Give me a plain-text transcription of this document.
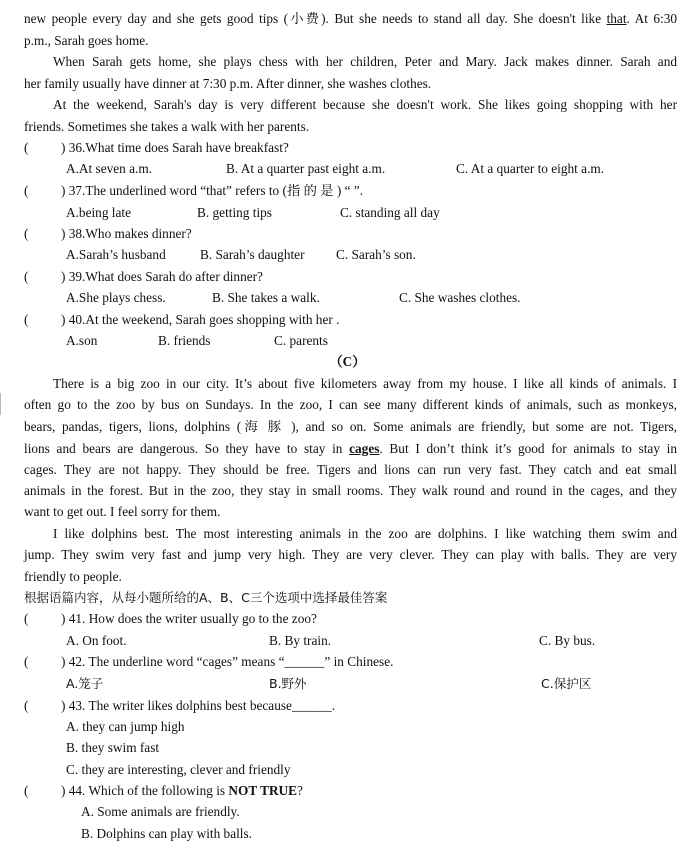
new people every day and she gets good tips (小费). But she needs to stand all day. She doesn't like that. At 6:30
p.m., Sarah goes home.
When Sarah gets home, she plays chess with her children, Peter and Mary. Jack makes dinner. Sarah and
her family usually have dinner at 7:30 p.m. After dinner, she washes clothes.
At the weekend, Sarah's day is very different because she doesn't work. She likes going shopping with her
friends. Sometimes she takes a walk with her parents.
( ) 36.What time does Sarah have breakfast?
A.At seven a.m.	B. At a quarter past eight a.m.	C. At a quarter to eight a.m.
( ) 37.The underlined word “that” refers to (指 的 是 ) “ ”.
A.being late	B. getting tips	C. standing all day
( ) 38.Who makes dinner?
A.Sarah’s husband	B. Sarah’s daughter C. Sarah’s son.
( ) 39.What does Sarah do after dinner?
A.She plays chess.	B. She takes a walk.	C. She washes clothes.
( ) 40.At the weekend, Sarah goes shopping with her .
A.son	B. friends	C. parents
（C）
There is a big zoo in our city. It’s about five kilometers away from my house. I like all kinds of animals. I
often go to the zoo by bus on Sundays. In the zoo, I can see many different kinds of animals, such as monkeys,
bears, pandas, tigers, lions, dolphins (海 豚 ), and so on. Some animals are friendly, but some are not. Tigers,
lions and bears are dangerous. So they have to stay in cages. But I don’t think it’s good for animals to stay in
cages. They are not happy. They should be free. Tigers and lions can run very fast. They catch and eat small
animals in the forest. But in the zoo, they stay in small rooms. They walk round and round in the cages, and they
want to get out. I feel sorry for them.
I like dolphins best. The most interesting animals in the zoo are dolphins. I like watching them swim and
jump. They swim very fast and jump very high. They are very clever. They can play with balls. They are very
friendly to people.
根据语篇内容，从每小题所给的A、B、C三个选项中选择最佳答案
( ) 41. How does the writer usually go to the zoo?
A. On foot.	B. By train.	C. By bus.
( ) 42. The underline word “cages” means “______” in Chinese.
A.笼子	B.野外	C.保护区
( ) 43. The writer likes dolphins best because______.
A. they can jump high
B. they swim fast
C. they are interesting, clever and friendly
( ) 44. Which of the following is NOT TRUE?
A. Some animals are friendly.
B. Dolphins can play with balls.
